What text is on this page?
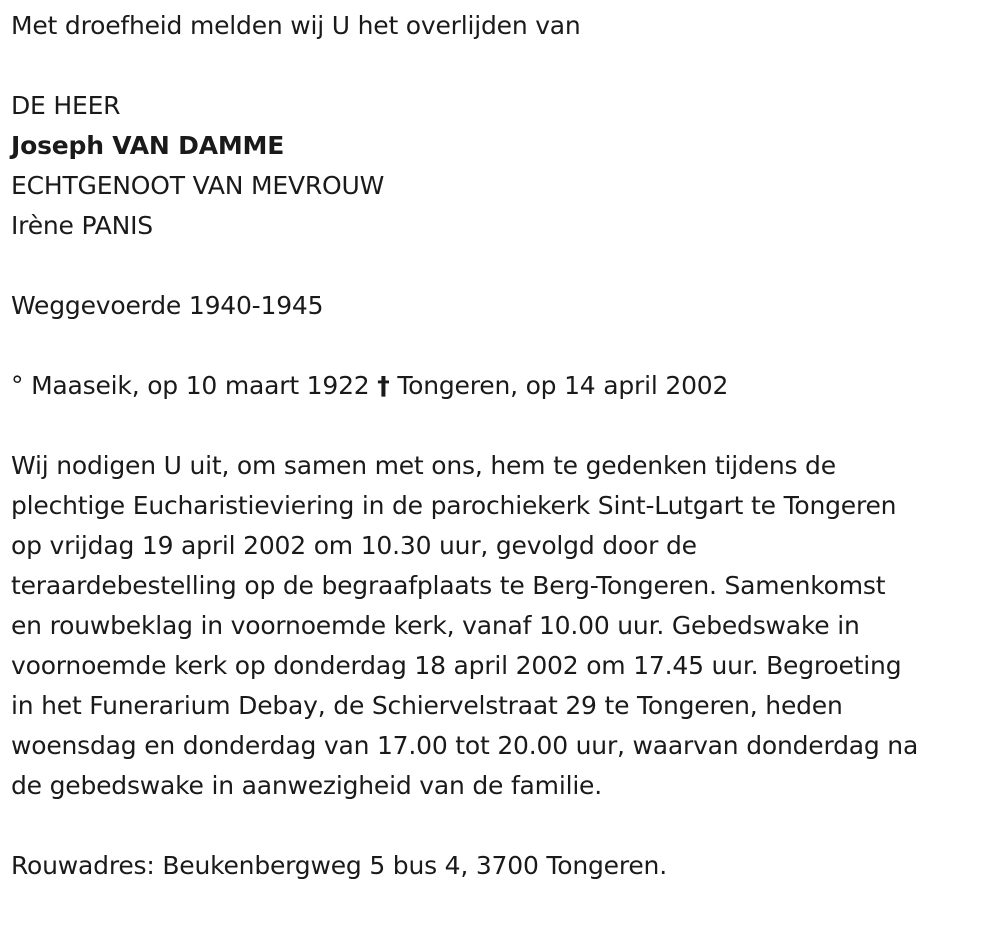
Met droefheid melden wij U het overlijden van
DE HEER
Joseph VAN DAMME
ECHTGENOOT VAN MEVROUW
Irène PANIS
Weggevoerde 1940-1945
° Maaseik, op 10 maart 1922 † Tongeren, op 14 april 2002
Wij nodigen U uit, om samen met ons, hem te gedenken tijdens de
plechtige Eucharistieviering in de parochiekerk Sint-Lutgart te Tongeren
op vrijdag 19 april 2002 om 10.30 uur, gevolgd door de
teraardebestelling op de begraafplaats te Berg-Tongeren. Samenkomst
en rouwbeklag in voornoemde kerk, vanaf 10.00 uur. Gebedswake in
voornoemde kerk op donderdag 18 april 2002 om 17.45 uur. Begroeting
in het Funerarium Debay, de Schiervelstraat 29 te Tongeren, heden
woensdag en donderdag van 17.00 tot 20.00 uur, waarvan donderdag na
de gebedswake in aanwezigheid van de familie.
Rouwadres: Beukenbergweg 5 bus 4, 3700 Tongeren.
